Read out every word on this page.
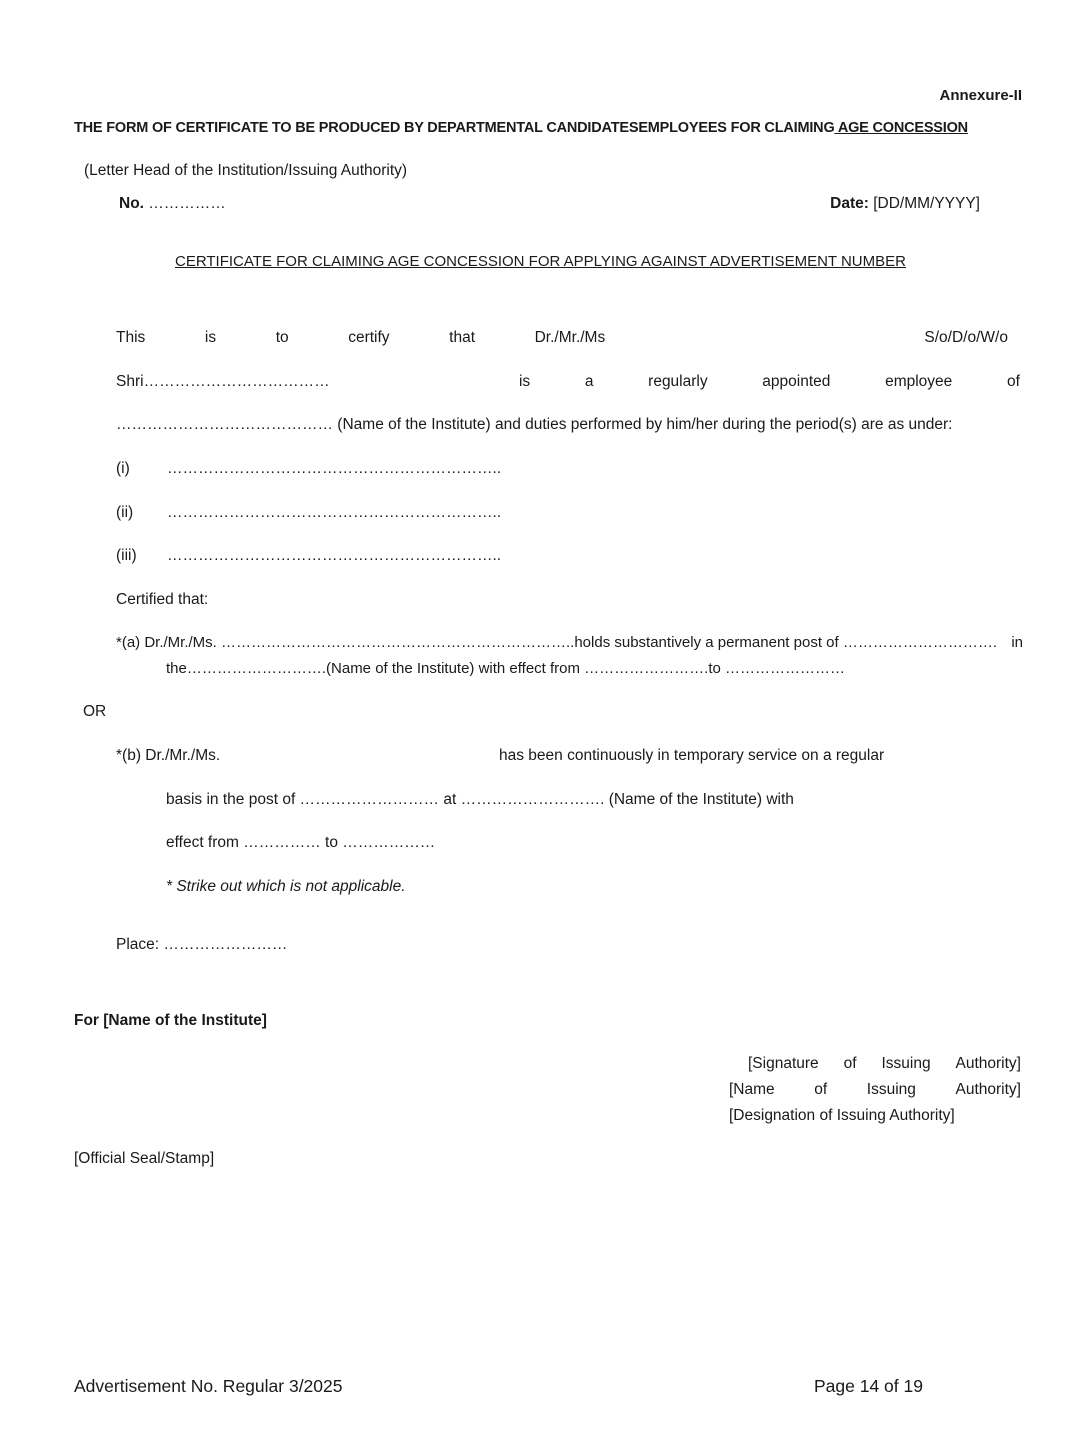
Annexure-II
THE FORM OF CERTIFICATE TO BE PRODUCED BY DEPARTMENTAL CANDIDATESEMPLOYEES FOR CLAIMING AGE CONCESSION
(Letter Head of the Institution/Issuing Authority)
No. ……………	Date: [DD/MM/YYYY]
CERTIFICATE FOR CLAIMING AGE CONCESSION FOR APPLYING AGAINST ADVERTISEMENT NUMBER
This	is	to	certify	that	Dr./Mr./Ms	S/o/D/o/W/o
Shri………………………………	is	a	regularly	appointed	employee	of
…………………………………… (Name of the Institute) and duties performed by him/her during the period(s) are as under:
(i) ………………………………………………………..
(ii) ………………………………………………………..
(iii) ………………………………………………………..
Certified that:
*(a) Dr./Mr./Ms. ……………………………………………………………..holds substantively a permanent post of …………………………. in
the……………………….(Name of the Institute) with effect from …………………….to ……………………
OR
*(b) Dr./Mr./Ms.	has been continuously in temporary service on a regular
basis in the post of ……………………… at ………………………. (Name of the Institute) with
effect from …………… to ………………
* Strike out which is not applicable.
Place: ……………………
For [Name of the Institute]
[Signature of Issuing Authority]
[Name	of	Issuing	Authority]
[Designation of Issuing Authority]
[Official Seal/Stamp]
Advertisement No. Regular 3/2025	Page 14 of 19
